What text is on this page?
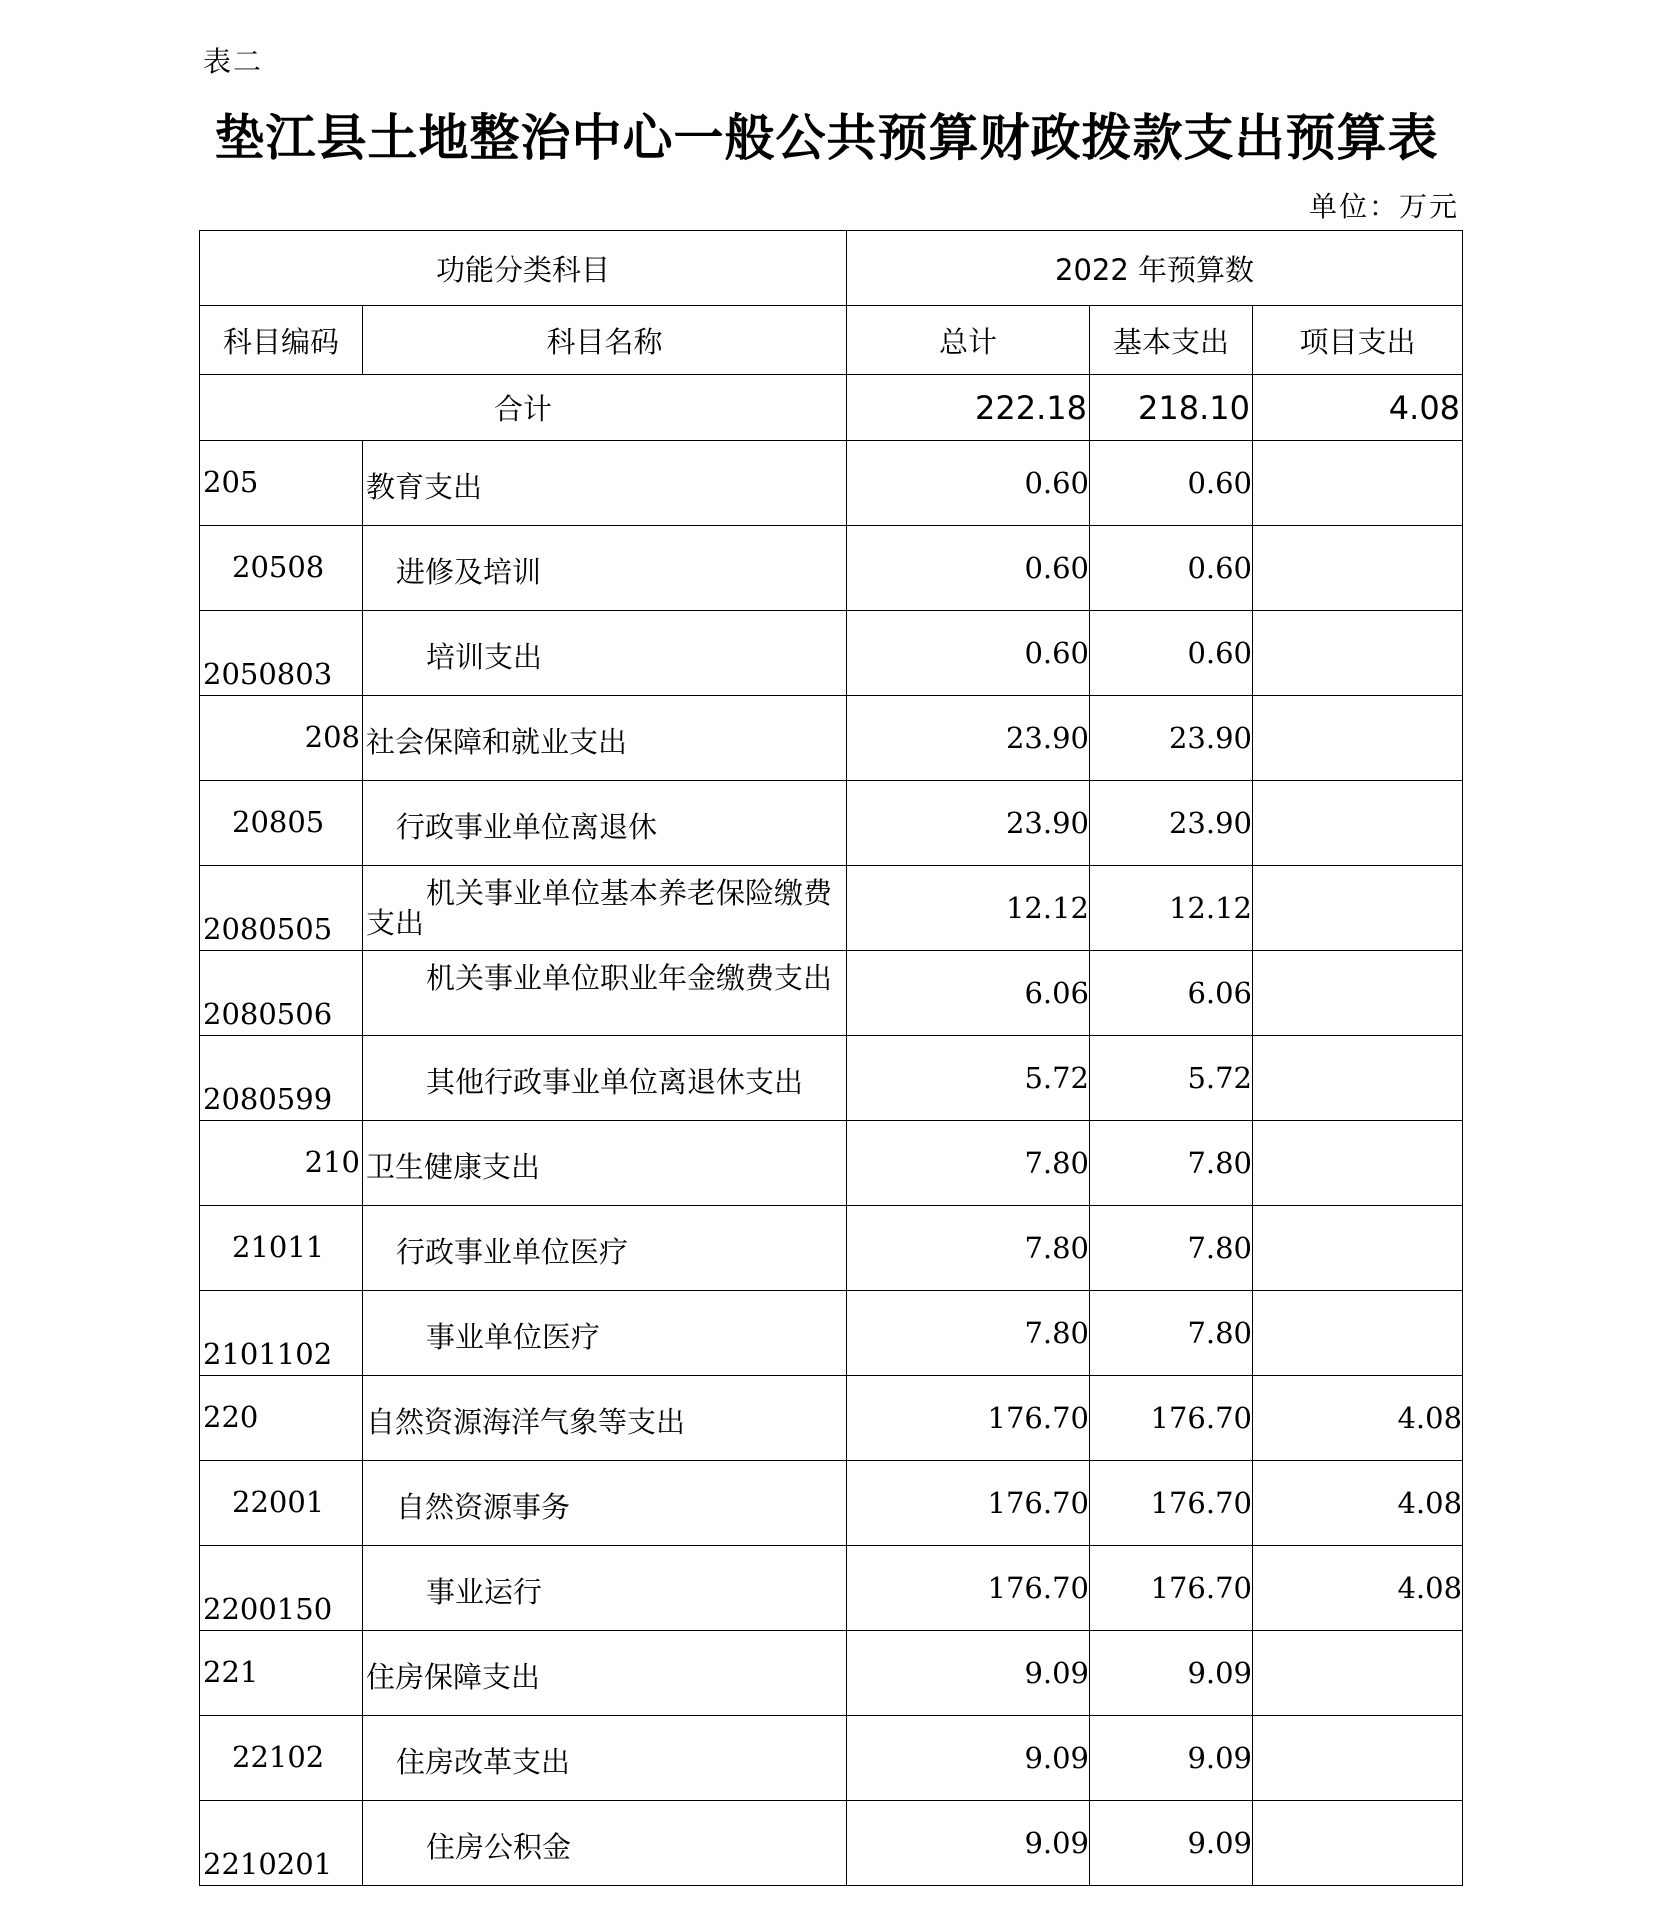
表二
垫江县土地整治中心一般公共预算财政拨款支出预算表
单位：万元
功能分类科目		2022 年预算数		
科目编码	科目名称	总计	基本支出	项目支出
合计		222.18	218.10	4.08

205	教育支出	0.60	0.60	

20508	进修及培训	0.60	0.60	

2050803	培训支出	0.60	0.60	

208	社会保障和就业支出	23.90	23.90	

20805	行政事业单位离退休	23.90	23.90	

2080505	机关事业单位基本养老保险缴费支出	12.12	12.12	

2080506	机关事业单位职业年金缴费支出	6.06	6.06	

2080599	其他行政事业单位离退休支出	5.72	5.72	

210	卫生健康支出	7.80	7.80	

21011	行政事业单位医疗	7.80	7.80	

2101102	事业单位医疗	7.80	7.80	

220	自然资源海洋气象等支出	176.70	176.70	4.08

22001	自然资源事务	176.70	176.70	4.08

2200150	事业运行	176.70	176.70	4.08

221	住房保障支出	9.09	9.09	

22102	住房改革支出	9.09	9.09	

2210201	住房公积金	9.09	9.09	
